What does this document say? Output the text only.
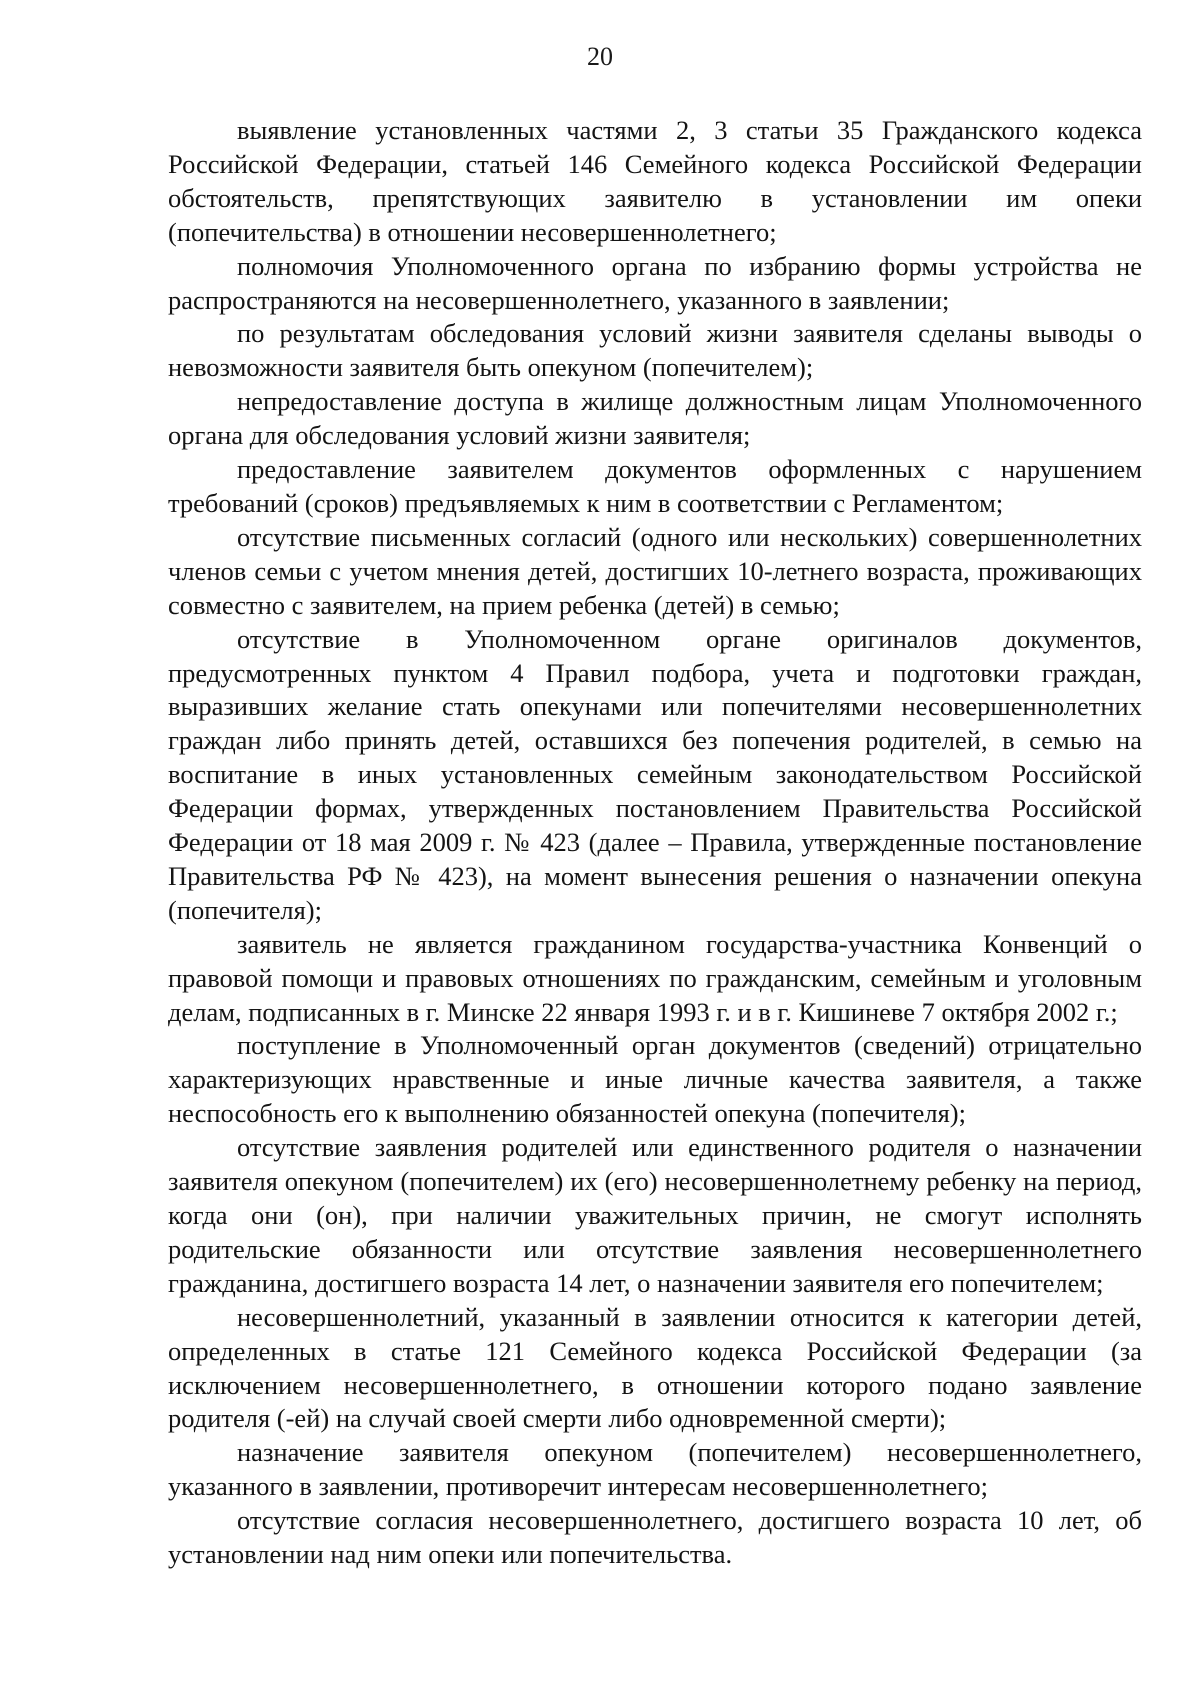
20

выявление установленных частями 2, 3 статьи 35 Гражданского кодекса Российской Федерации, статьей 146 Семейного кодекса Российской Федерации обстоятельств, препятствующих заявителю в установлении им опеки (попечительства) в отношении несовершеннолетнего;

полномочия Уполномоченного органа по избранию формы устройства не распространяются на несовершеннолетнего, указанного в заявлении;

по результатам обследования условий жизни заявителя сделаны выводы о невозможности заявителя быть опекуном (попечителем);

непредоставление доступа в жилище должностным лицам Уполномоченного органа для обследования условий жизни заявителя;

предоставление заявителем документов оформленных с нарушением требований (сроков) предъявляемых к ним в соответствии с Регламентом;

отсутствие письменных согласий (одного или нескольких) совершеннолетних членов семьи с учетом мнения детей, достигших 10-летнего возраста, проживающих совместно с заявителем, на прием ребенка (детей) в семью;

отсутствие в Уполномоченном органе оригиналов документов, предусмотренных пунктом 4 Правил подбора, учета и подготовки граждан, выразивших желание стать опекунами или попечителями несовершеннолетних граждан либо принять детей, оставшихся без попечения родителей, в семью на воспитание в иных установленных семейным законодательством Российской Федерации формах, утвержденных постановлением Правительства Российской Федерации от 18 мая 2009 г. № 423 (далее – Правила, утвержденные постановление Правительства РФ № 423), на момент вынесения решения о назначении опекуна (попечителя);

заявитель не является гражданином государства-участника Конвенций о правовой помощи и правовых отношениях по гражданским, семейным и уголовным делам, подписанных в г. Минске 22 января 1993 г. и в г. Кишиневе 7 октября 2002 г.;

поступление в Уполномоченный орган документов (сведений) отрицательно характеризующих нравственные и иные личные качества заявителя, а также неспособность его к выполнению обязанностей опекуна (попечителя);

отсутствие заявления родителей или единственного родителя о назначении заявителя опекуном (попечителем) их (его) несовершеннолетнему ребенку на период, когда они (он), при наличии уважительных причин, не смогут исполнять родительские обязанности или отсутствие заявления несовершеннолетнего гражданина, достигшего возраста 14 лет, о назначении заявителя его попечителем;

несовершеннолетний, указанный в заявлении относится к категории детей, определенных в статье 121 Семейного кодекса Российской Федерации (за исключением несовершеннолетнего, в отношении которого подано заявление родителя (-ей) на случай своей смерти либо одновременной смерти);

назначение заявителя опекуном (попечителем) несовершеннолетнего, указанного в заявлении, противоречит интересам несовершеннолетнего;

отсутствие согласия несовершеннолетнего, достигшего возраста 10 лет, об установлении над ним опеки или попечительства.
